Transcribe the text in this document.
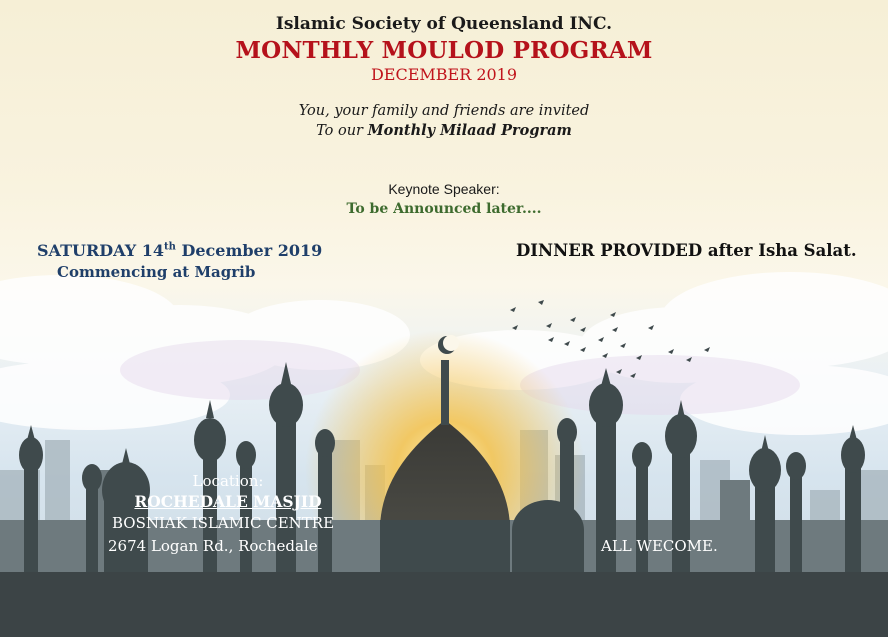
Islamic Society of Queensland INC.
MONTHLY MOULOD PROGRAM
DECEMBER 2019
You, your family and friends are invited
To our Monthly Milaad Program
Keynote Speaker:
To be Announced later....
SATURDAY 14th December 2019
Commencing at Magrib
DINNER PROVIDED after Isha Salat.
Location:
ROCHEDALE MASJID
BOSNIAK ISLAMIC CENTRE
2674 Logan Rd., Rochedale	ALL WECOME.
